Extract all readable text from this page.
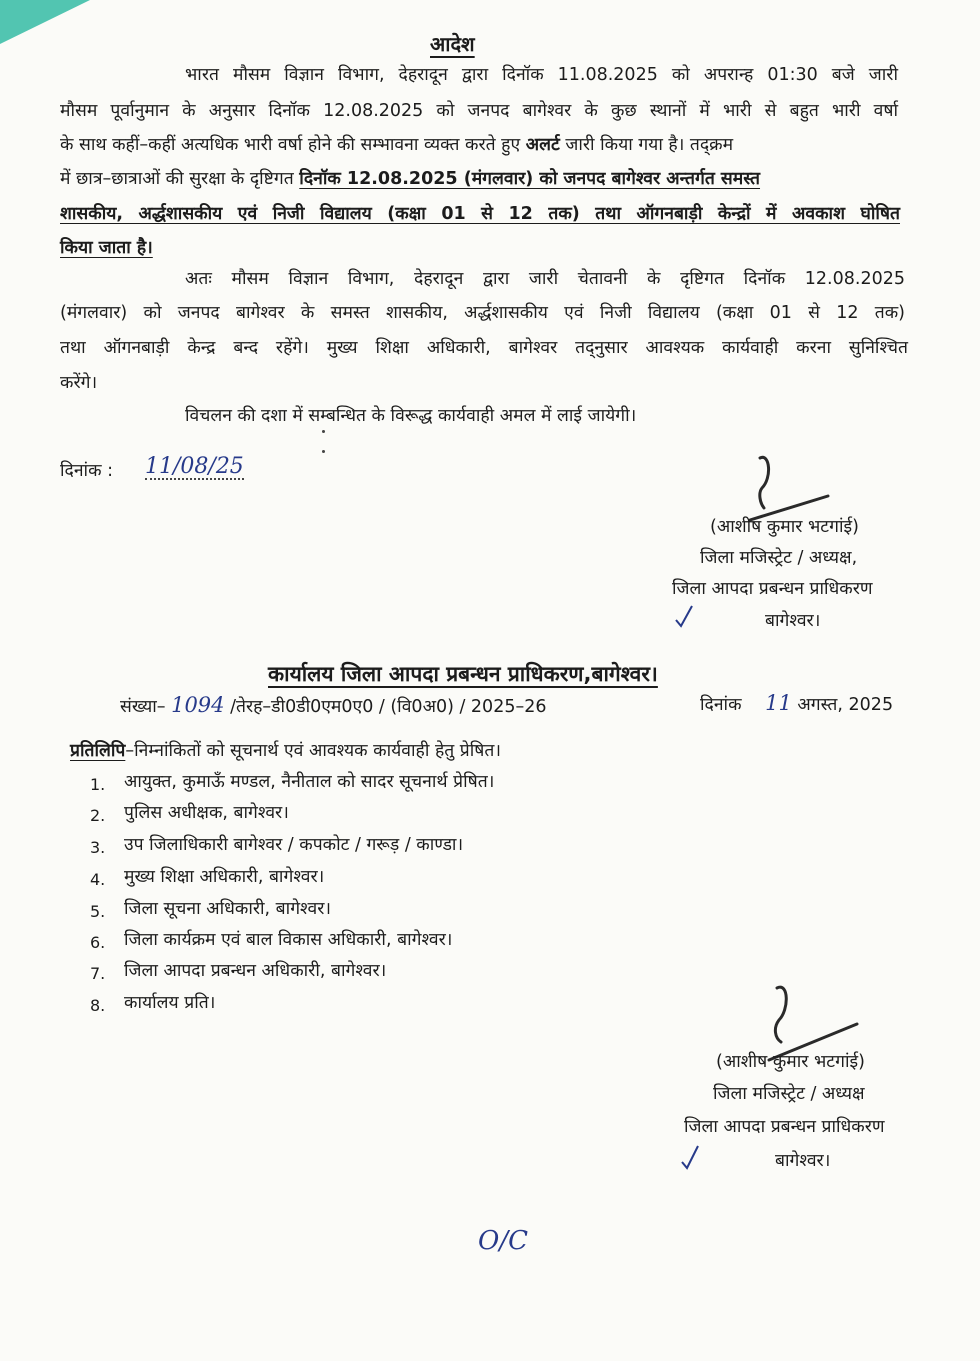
आदेश
भारत मौसम विज्ञान विभाग, देहरादून द्वारा दिनॉक 11.08.2025 को अपरान्ह 01:30 बजे जारी
मौसम पूर्वानुमान के अनुसार दिनॉक 12.08.2025 को जनपद बागेश्वर के कुछ स्थानों में भारी से बहुत भारी वर्षा
के साथ कहीं–कहीं अत्यधिक भारी वर्षा होने की सम्भावना व्यक्त करते हुए अलर्ट जारी किया गया है। तद्क्रम
में छात्र–छात्राओं की सुरक्षा के दृष्टिगत दिनॉक 12.08.2025 (मंगलवार) को जनपद बागेश्वर अन्तर्गत समस्त
शासकीय, अर्द्धशासकीय एवं निजी विद्यालय (कक्षा 01 से 12 तक) तथा ऑगनबाड़ी केन्द्रों में अवकाश घोषित
किया जाता है।
अतः मौसम विज्ञान विभाग, देहरादून द्वारा जारी चेतावनी के दृष्टिगत दिनॉक 12.08.2025
(मंगलवार) को जनपद बागेश्वर के समस्त शासकीय, अर्द्धशासकीय एवं निजी विद्यालय (कक्षा 01 से 12 तक)
तथा ऑगनबाड़ी केन्द्र बन्द रहेंगे। मुख्य शिक्षा अधिकारी, बागेश्वर तद्नुसार आवश्यक कार्यवाही करना सुनिश्चित
करेंगे।
विचलन की दशा में सम्बन्धित के विरूद्ध कार्यवाही अमल में लाई जायेगी।
दिनांक : 11/08/25
(आशीष कुमार भटगांई)
जिला मजिस्ट्रेट / अध्यक्ष,
जिला आपदा प्रबन्धन प्राधिकरण
बागेश्वर।
कार्यालय जिला आपदा प्रबन्धन प्राधिकरण,बागेश्वर।
संख्या– 1094 /तेरह–डी0डी0एम0ए0 / (वि0अ0) / 2025–26	दिनांक 11 अगस्त, 2025
प्रतिलिपि–निम्नांकितों को सूचनार्थ एवं आवश्यक कार्यवाही हेतु प्रेषित।
1. आयुक्त, कुमाऊँ मण्डल, नैनीताल को सादर सूचनार्थ प्रेषित।
2. पुलिस अधीक्षक, बागेश्वर।
3. उप जिलाधिकारी बागेश्वर / कपकोट / गरूड़ / काण्डा।
4. मुख्य शिक्षा अधिकारी, बागेश्वर।
5. जिला सूचना अधिकारी, बागेश्वर।
6. जिला कार्यक्रम एवं बाल विकास अधिकारी, बागेश्वर।
7. जिला आपदा प्रबन्धन अधिकारी, बागेश्वर।
8. कार्यालय प्रति।
(आशीष कुमार भटगांई)
जिला मजिस्ट्रेट / अध्यक्ष
जिला आपदा प्रबन्धन प्राधिकरण
बागेश्वर।
O/C
